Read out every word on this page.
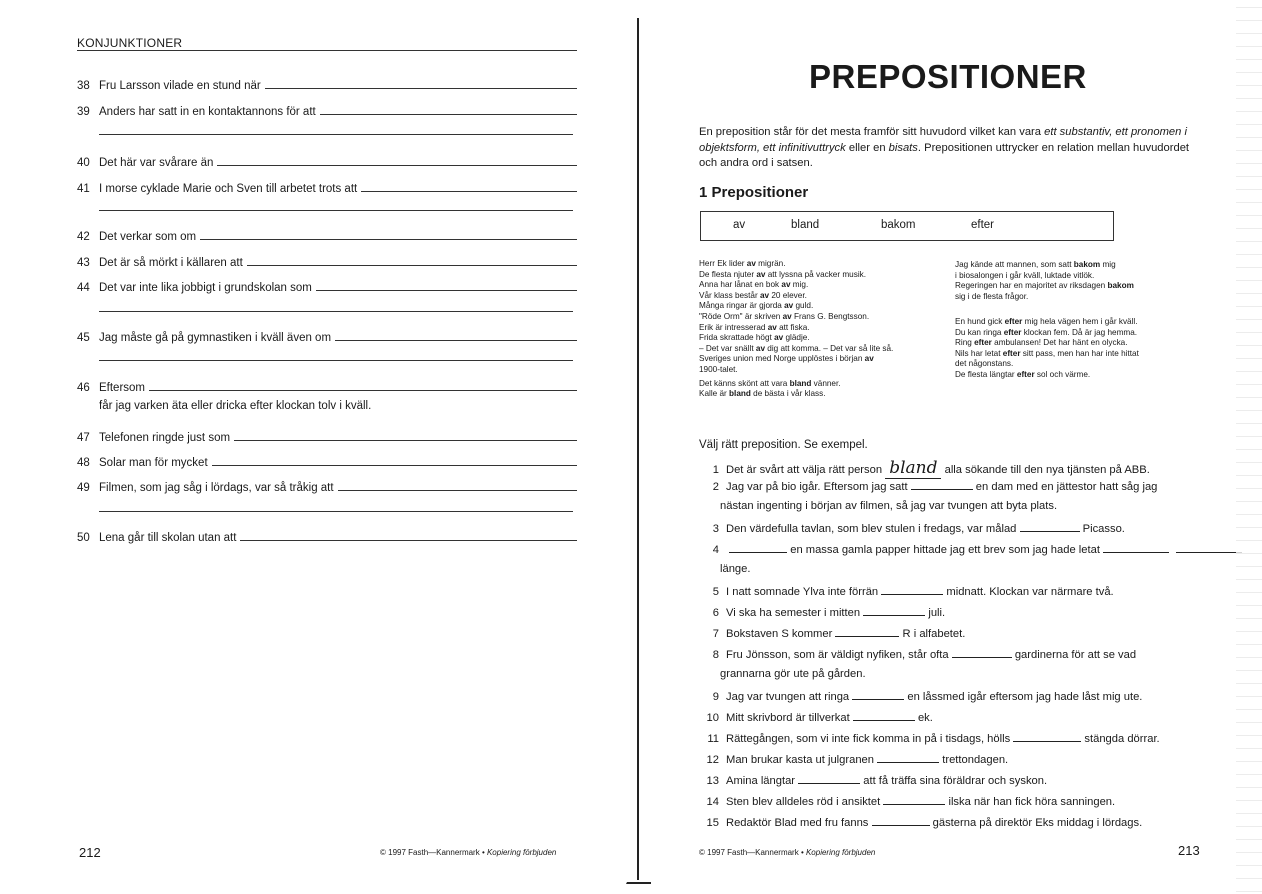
KONJUNKTIONER
38 Fru Larsson vilade en stund när
39 Anders har satt in en kontaktannons för att
40 Det här var svårare än
41 I morse cyklade Marie och Sven till arbetet trots att
42 Det verkar som om
43 Det är så mörkt i källaren att
44 Det var inte lika jobbigt i grundskolan som
45 Jag måste gå på gymnastiken i kväll även om
46 Eftersom
47 Telefonen ringde just som
48 Solar man för mycket
49 Filmen, som jag såg i lördags, var så tråkig att
50 Lena går till skolan utan att
får jag varken äta eller dricka efter klockan tolv i kväll.
212	© 1997 Fasth—Kannermark • Kopiering förbjuden
PREPOSITIONER
En preposition står för det mesta framför sitt huvudord vilket kan vara ett substantiv, ett pronomen i objektsform, ett infinitivuttryck eller en bisats. Prepositionen uttrycker en relation mellan huvudordet och andra ord i satsen.
1 Prepositioner
av	bland	bakom	efter
Herr Ek lider av migrän.
De flesta njuter av att lyssna på vacker musik.
Anna har lånat en bok av mig.
Vår klass består av 20 elever.
Många ringar är gjorda av guld.
"Röde Orm" är skriven av Frans G. Bengtsson.
Erik är intresserad av att fiska.
Frida skrattade högt av glädje.
– Det var snällt av dig att komma. – Det var så lite så.
Sveriges union med Norge upplöstes i början av
1900-talet.
Det känns skönt att vara bland vänner.
Kalle är bland de bästa i vår klass.
Jag kände att mannen, som satt bakom mig
i biosalongen i går kväll, luktade vitlök.
Regeringen har en majoritet av riksdagen bakom
sig i de flesta frågor.
En hund gick efter mig hela vägen hem i går kväll.
Du kan ringa efter klockan fem. Då är jag hemma.
Ring efter ambulansen! Det har hänt en olycka.
Nils har letat efter sitt pass, men han har inte hittat
det någonstans.
De flesta längtar efter sol och värme.
Välj rätt preposition. Se exempel.
1 Det är svårt att välja rätt person bland alla sökande till den nya tjänsten på ABB.
2 Jag var på bio igår. Eftersom jag satt	en dam med en jättestor hatt såg jag
nästan ingenting i början av filmen, så jag var tvungen att byta plats.
3 Den värdefulla tavlan, som blev stulen i fredags, var målad	Picasso.
4	en massa gamla papper hittade jag ett brev som jag hade letat
länge.
5 I natt somnade Ylva inte förrän	midnatt. Klockan var närmare två.
6 Vi ska ha semester i mitten	juli.
7 Bokstaven S kommer	R i alfabetet.
8 Fru Jönsson, som är väldigt nyfiken, står ofta	gardinerna för att se vad
grannarna gör ute på gården.
9 Jag var tvungen att ringa	en låssmed igår eftersom jag hade låst mig ute.
10 Mitt skrivbord är tillverkat	ek.
11 Rättegången, som vi inte fick komma in på i tisdags, hölls	stängda dörrar.
12 Man brukar kasta ut julgranen	trettondagen.
13 Amina längtar	att få träffa sina föräldrar och syskon.
14 Sten blev alldeles röd i ansiktet	ilska när han fick höra sanningen.
15 Redaktör Blad med fru fanns	gästerna på direktör Eks middag i lördags.
© 1997 Fasth—Kannermark • Kopiering förbjuden	213
